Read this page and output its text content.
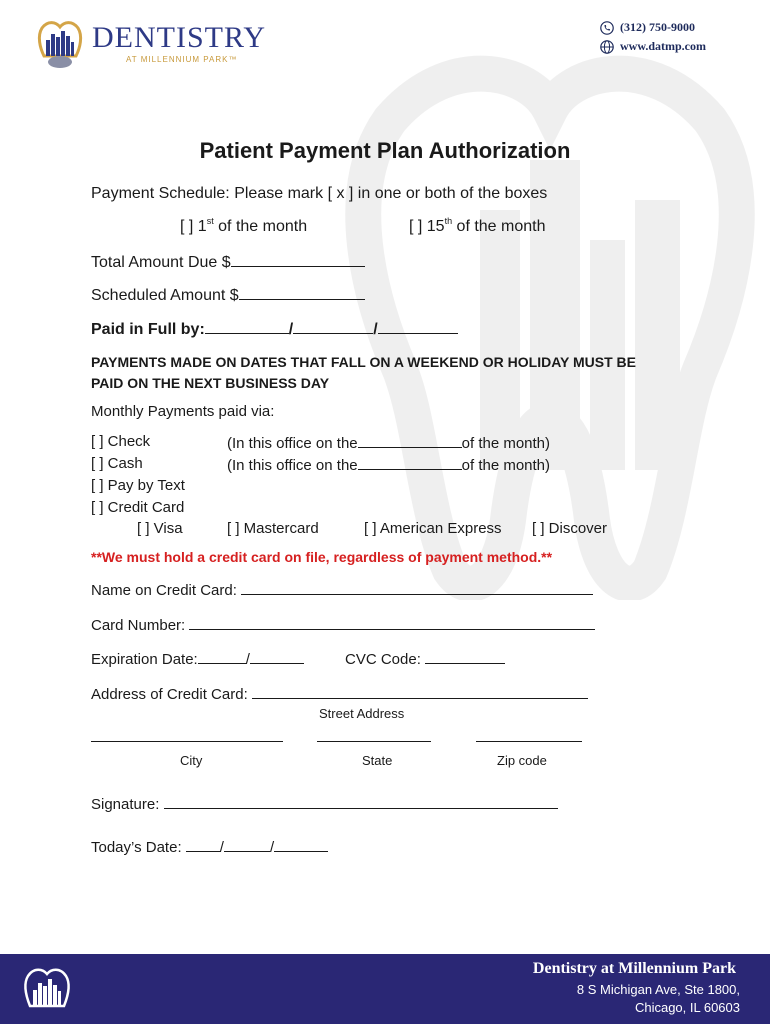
DENTISTRY
AT MILLENNIUM PARK™
(312) 750-9000
www.datmp.com
Patient Payment Plan Authorization
Payment Schedule: Please mark [ x ] in one or both of the boxes
[ ] 1st of the month	[ ] 15th of the month
Total Amount Due $
Scheduled Amount $
Paid in Full by:	/	/
PAYMENTS MADE ON DATES THAT FALL ON A WEEKEND OR HOLIDAY MUST BE
PAID ON THE NEXT BUSINESS DAY
Monthly Payments paid via:
[ ] Check	(In this office on the	of the month)
[ ] Cash	(In this office on the	of the month)
[ ] Pay by Text
[ ] Credit Card
[ ] Visa	[ ] Mastercard	[ ] American Express [ ] Discover
**We must hold a credit card on file, regardless of payment method.**
Name on Credit Card:
Card Number:
Expiration Date:	/	CVC Code:
Address of Credit Card:
Street Address
City	State	Zip code
Signature:
Today’s Date:	/	/
Dentistry at Millennium Park
8 S Michigan Ave, Ste 1800,
Chicago, IL 60603
